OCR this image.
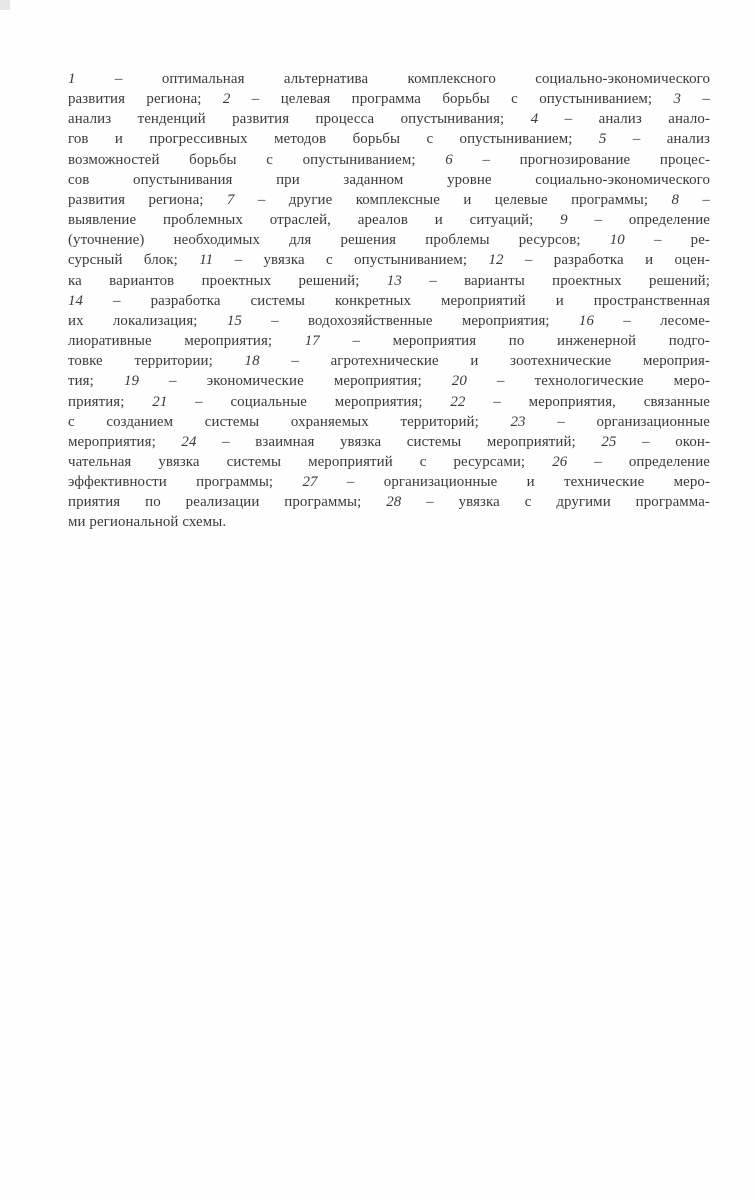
1 – оптимальная альтернатива комплексного социально-экономического
развития региона; 2 – целевая программа борьбы с опустыниванием; 3 –
анализ тенденций развития процесса опустынивания; 4 – анализ анало-
гов и прогрессивных методов борьбы с опустыниванием; 5 – анализ
возможностей борьбы с опустыниванием; 6 – прогнозирование процес-
сов опустынивания при заданном уровне социально-экономического
развития региона; 7 – другие комплексные и целевые программы; 8 –
выявление проблемных отраслей, ареалов и ситуаций; 9 – определение
(уточнение) необходимых для решения проблемы ресурсов; 10 – ре-
сурсный блок; 11 – увязка с опустыниванием; 12 – разработка и оцен-
ка вариантов проектных решений; 13 – варианты проектных решений;
14 – разработка системы конкретных мероприятий и пространственная
их локализация; 15 – водохозяйственные мероприятия; 16 – лесоме-
лиоративные мероприятия; 17 – мероприятия по инженерной подго-
товке территории; 18 – агротехнические и зоотехнические мероприя-
тия; 19 – экономические мероприятия; 20 – технологические меро-
приятия; 21 – социальные мероприятия; 22 – мероприятия, связанные
с созданием системы охраняемых территорий; 23 – организационные
мероприятия; 24 – взаимная увязка системы мероприятий; 25 – окон-
чательная увязка системы мероприятий с ресурсами; 26 – определение
эффективности программы; 27 – организационные и технические меро-
приятия по реализации программы; 28 – увязка с другими программа-
ми региональной схемы.
